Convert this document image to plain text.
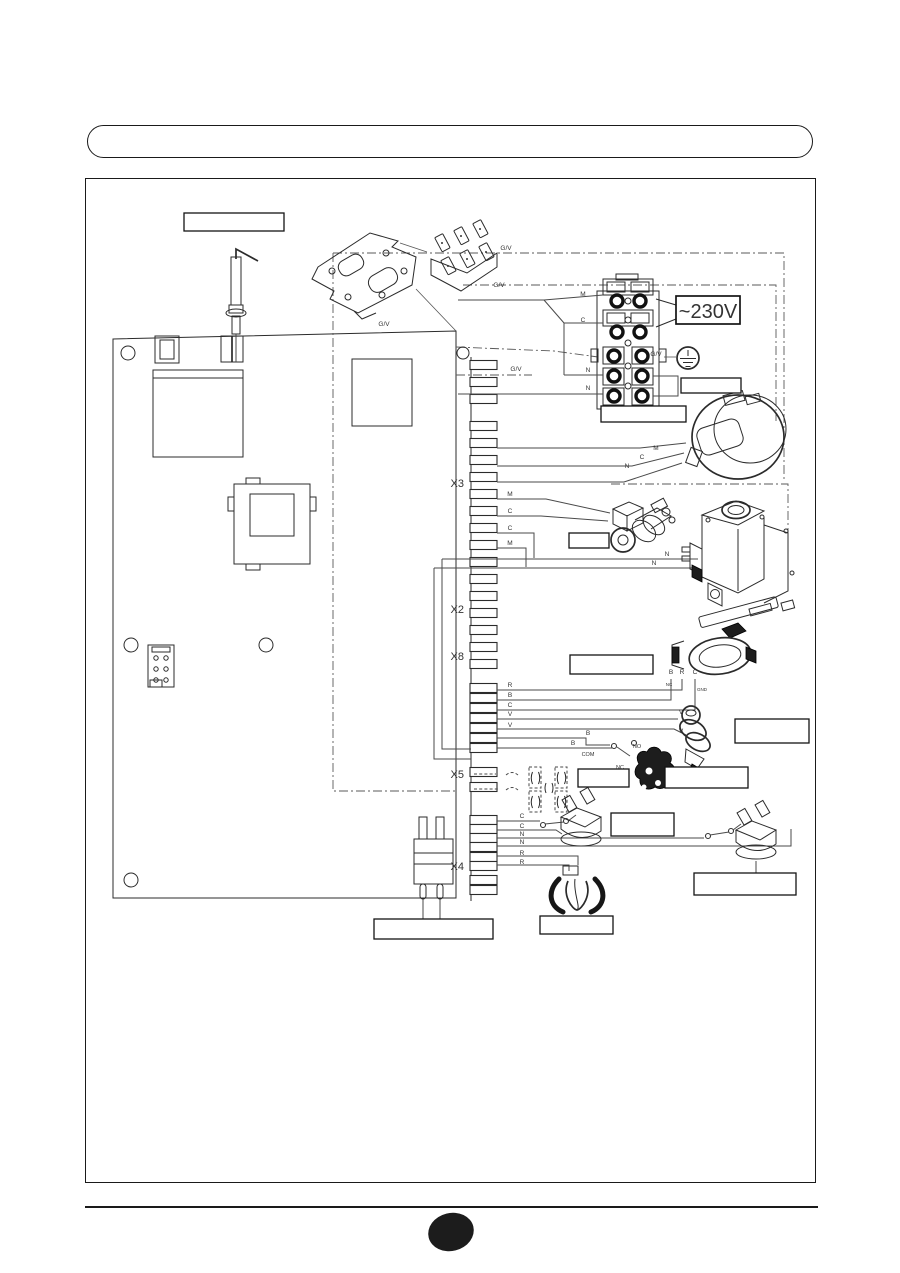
G/V
G/V
G/V
G/V
G/V
M
C
N
N
~230V
M
C
N
X3
M
C
C
M
N
N
X2
X8
R
B
C
V
V
B
B
COM
NO
NC
B R C
NC
GND
V
V
X5
C
C
N
N
R
R
X4
